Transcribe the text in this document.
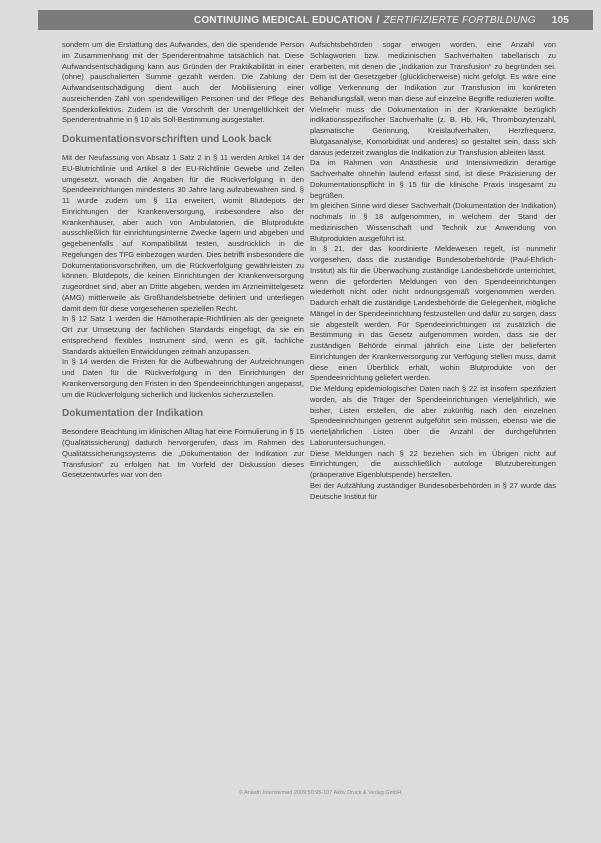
CONTINUING MEDICAL EDUCATION / ZERTIFIZIERTE FORTBILDUNG 105

sondern um die Erstattung des Aufwandes, den die spendende Person im Zusammenhang mit der Spenderentnahme tatsächlich hat. Diese Aufwandsentschädigung kann aus Gründen der Praktikabilität in einer (ohne) pauschalierten Summe gezahlt werden. Die Zahlung der Aufwandsentschädigung dient auch der Mobilisierung einer ausreichenden Zahl von spendewilligen Personen und der Pflege des Spenderkollektivs. Zudem ist die Vorschrift der Unentgeltlichkeit der Spenderentnahme in § 10 als Soll-Bestimmung ausgestaltet.

Dokumentationsvorschriften und Look back

Mit der Neufassung von Absatz 1 Satz 2 in § 11 werden Artikel 14 der EU-Blutrichtlinie und Artikel 8 der EU-Richtlinie Gewebe und Zellen umgesetzt, wonach die Angaben für die Rückverfolgung in den Spendeeinrichtungen mindestens 30 Jahre lang aufzubewahren sind. § 11 wurde zudem um § 11a erweitert, womit Blutdepots der Einrichtungen der Krankenversorgung, insbesondere also der Krankenhäuser, aber auch von Ambulatorien, die Blutprodukte ausschließlich für einrichtungsinterne Zwecke lagern und abgeben und gegebenenfalls auf Kompatibilität testen, ausdrücklich in die Regelungen des TFG einbezogen wurden. Dies betrifft insbesondere die Dokumentationsvorschriften, um die Rückverfolgung gewährleisten zu können. Blutdepots, die keinen Einrichtungen der Krankenversorgung zugeordnet sind, aber an Dritte abgeben, werden im Arzneimittelgesetz (AMG) mittlerweile als Großhandelsbetriebe definiert und unterliegen damit dem für diese vorgesehenen speziellen Recht.

In § 12 Satz 1 werden die Hämotherapie-Richtlinien als der geeignete Ort zur Umsetzung der fachlichen Standards eingefügt, da sie ein entsprechend flexibles Instrument sind, wenn es gilt, fachliche Standards aktuellen Entwicklungen zeitnah anzupassen.

In § 14 werden die Fristen für die Aufbewahrung der Aufzeichnungen und Daten für die Rückverfolgung in den Einrichtungen der Krankenversorgung den Fristen in den Spendeeinrichtungen angepasst, um die Rückverfolgung sicherlich und lückenlos sicherzustellen.

Dokumentation der Indikation

Besondere Beachtung im klinischen Alltag hat eine Formulierung in § 15 (Qualitätssicherung) dadurch hervorgerufen, dass im Rahmen des Qualitätssicherungssystems die „Dokumentation der Indikation zur Transfusion“ zu erfolgen hat. Im Vorfeld der Diskussion dieses Gesetzentwurfes war von den

Aufsichtsbehörden sogar erwogen worden, eine Anzahl von Schlagworten bzw. medizinischen Sachverhalten tabellarisch zu erarbeiten, mit denen die „Indikation zur Transfusion“ zu begründen sei. Dem ist der Gesetzgeber (glücklicherweise) nicht gefolgt. Es wäre eine völlige Verkennung der Indikation zur Transfusion im konkreten Behandlungsfall, wenn man diese auf einzelne Begriffe reduzieren wollte. Vielmehr muss die Dokumentation in der Krankenakte bezüglich indikationsspezifischer Sachverhalte (z. B. Hb, Hk, Thrombozytenzahl, plasmatische Gerinnung, Kreislaufverhalten, Herzfrequenz, Blutgasanalyse, Komorbidität und anderes) so gestaltet sein, dass sich daraus jederzeit zwanglos die Indikation zur Transfusion ableiten lässt.

Da im Rahmen von Anästhesie und Intensivmedizin derartige Sachverhalte ohnehin laufend erfasst sind, ist diese Präzisierung der Dokumentationspflicht in § 15 für die klinische Praxis insgesamt zu begrüßen.

Im gleichen Sinne wird dieser Sachverhalt (Dokumentation der Indikation) nochmals in § 18 aufgenommen, in welchem der Stand der medizinischen Wissenschaft und Technik zur Anwendung von Blutprodukten ausgeführt ist.

In § 21, der das koordinierte Meldewesen regelt, ist nunmehr vorgesehen, dass die zuständige Bundesoberbehörde (Paul-Ehrlich-Institut) als für die Überwachung zuständige Landesbehörde unterrichtet, wenn die geforderten Meldungen von den Spendeeinrichtungen wiederholt nicht oder nicht ordnungsgemäß vorgenommen werden. Dadurch erhält die zuständige Landesbehörde die Gelegenheit, mögliche Mängel in der Spendeeinrichtung festzustellen und dafür zu sorgen, dass sie abgestellt werden. Für Spendeeinrichtungen ist zusätzlich die Bestimmung in das Gesetz aufgenommen worden, dass sie der zuständigen Behörde einmal jährlich eine Liste der belieferten Einrichtungen der Krankenversorgung zur Verfügung stellen muss, damit diese einen Überblick erhält, wohin Blutprodukte von der Spendeeinrichtung geliefert werden.

Die Meldung epidemiologischer Daten nach § 22 ist insofern spezifiziert worden, als die Träger der Spendeeinrichtungen vierteljährlich, wie bisher, Listen erstellen, die aber zukünftig nach den einzelnen Spendeeinrichtungen getrennt aufgeführt sein müssen, ebenso wie die vierteljährlichen Listen über die Anzahl der durchgeführten Laboruntersuchungen.

Diese Meldungen nach § 22 beziehen sich im Übrigen nicht auf Einrichtungen, die ausschließlich autologe Blutzubereitungen (präoperative Eigenblutspende) herstellen.

Bei der Aufzählung zuständiger Bundesoberbehörden in § 27 wurde das Deutsche Institut für

© Anästh Intensivmed 2009;50:95-107 Aktiv Druck & Verlag GmbH
